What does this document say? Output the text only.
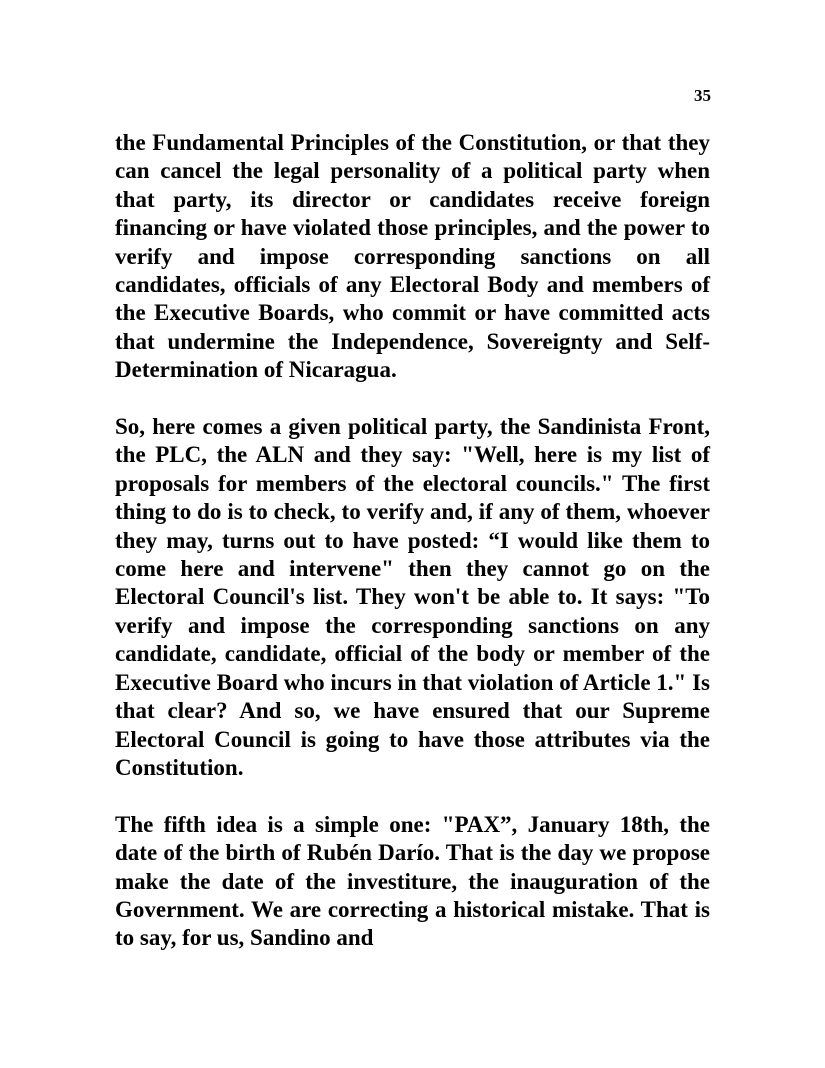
35

the Fundamental Principles of the Constitution, or that they can cancel the legal personality of a political party when that party, its director or candidates receive foreign financing or have violated those principles, and the power to verify and impose corresponding sanctions on all candidates, officials of any Electoral Body and members of the Executive Boards, who commit or have committed acts that undermine the Independence, Sovereignty and Self-Determination of Nicaragua.

So, here comes a given political party, the Sandinista Front, the PLC, the ALN and they say: "Well, here is my list of proposals for members of the electoral councils." The first thing to do is to check, to verify and, if any of them, whoever they may, turns out to have posted: “I would like them to come here and intervene" then they cannot go on the Electoral Council's list. They won't be able to. It says: "To verify and impose the corresponding sanctions on any candidate, candidate, official of the body or member of the Executive Board who incurs in that violation of Article 1." Is that clear? And so, we have ensured that our Supreme Electoral Council is going to have those attributes via the Constitution.

The fifth idea is a simple one: "PAX”, January 18th, the date of the birth of Rubén Darío. That is the day we propose make the date of the investiture, the inauguration of the Government. We are correcting a historical mistake. That is to say, for us, Sandino and
